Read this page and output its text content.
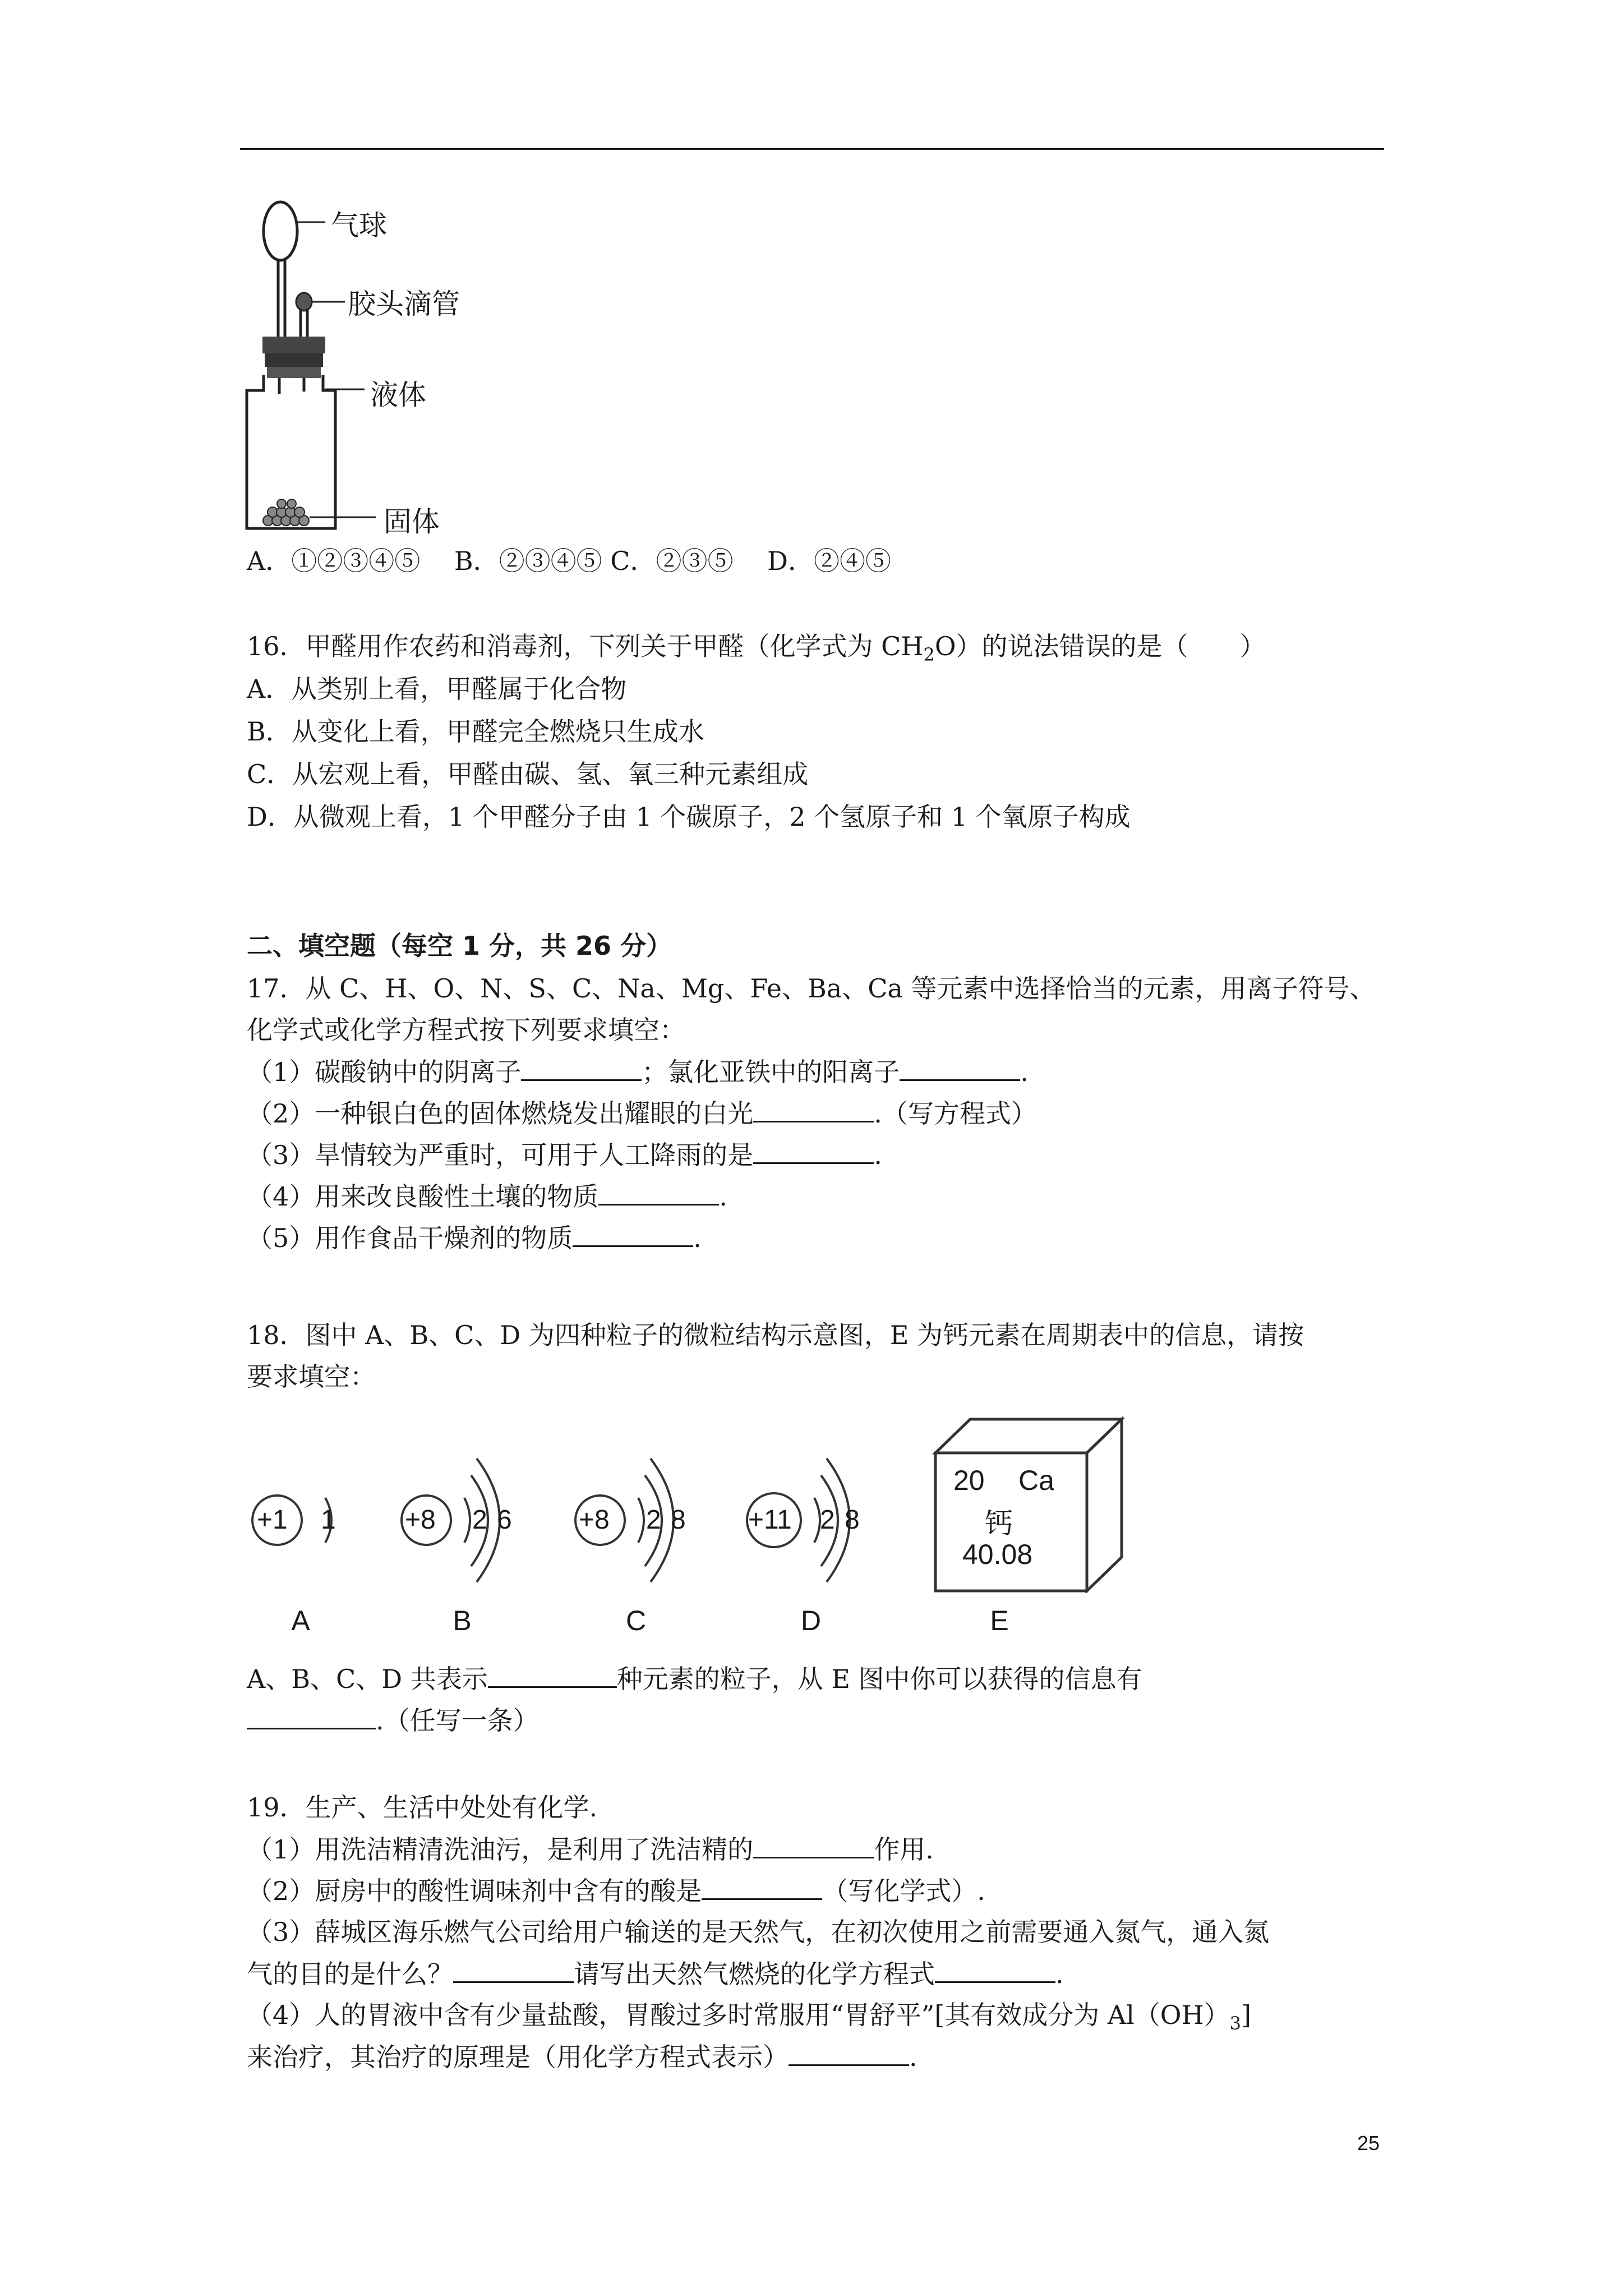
气球
胶头滴管
液体
固体
A．①②③④⑤　 B．②③④⑤ C．②③⑤　 D．②④⑤
16．甲醛用作农药和消毒剂，下列关于甲醛（化学式为 $CH_2O$）的说法错误的是（　　）
A．从类别上看，甲醛属于化合物
B．从变化上看，甲醛完全燃烧只生成水
C．从宏观上看，甲醛由碳、氢、氧三种元素组成
D．从微观上看，1 个甲醛分子由 1 个碳原子，2 个氢原子和 1 个氧原子构成
二、填空题（每空 1 分，共 26 分）
17．从 C、H、O、N、S、C、Na、Mg、Fe、Ba、Ca 等元素中选择恰当的元素，用离子符号、
化学式或化学方程式按下列要求填空：
（1）碳酸钠中的阴离子	；氯化亚铁中的阳离子	.
（2）一种银白色的固体燃烧发出耀眼的白光	.（写方程式）
（3）旱情较为严重时，可用于人工降雨的是	.
（4）用来改良酸性土壤的物质	.
（5）用作食品干燥剂的物质	.
18．图中 A、B、C、D 为四种粒子的微粒结构示意图，E 为钙元素在周期表中的信息，请按
要求填空：
+1 1
A
+8 2 6
B
+8 2 8
C
+11 2 8
D
20 Ca
钙
40.08
E
A、B、C、D 共表示	种元素的粒子，从 E 图中你可以获得的信息有
.（任写一条）
19．生产、生活中处处有化学.
（1）用洗洁精清洗油污，是利用了洗洁精的	作用.
（2）厨房中的酸性调味剂中含有的酸是	（写化学式）.
（3）薛城区海乐燃气公司给用户输送的是天然气，在初次使用之前需要通入氮气，通入氮
气的目的是什么？	请写出天然气燃烧的化学方程式	.
（4）人的胃液中含有少量盐酸，胃酸过多时常服用“胃舒平”[其有效成分为 $Al(OH)_3$]
来治疗，其治疗的原理是（用化学方程式表示）	.
25
